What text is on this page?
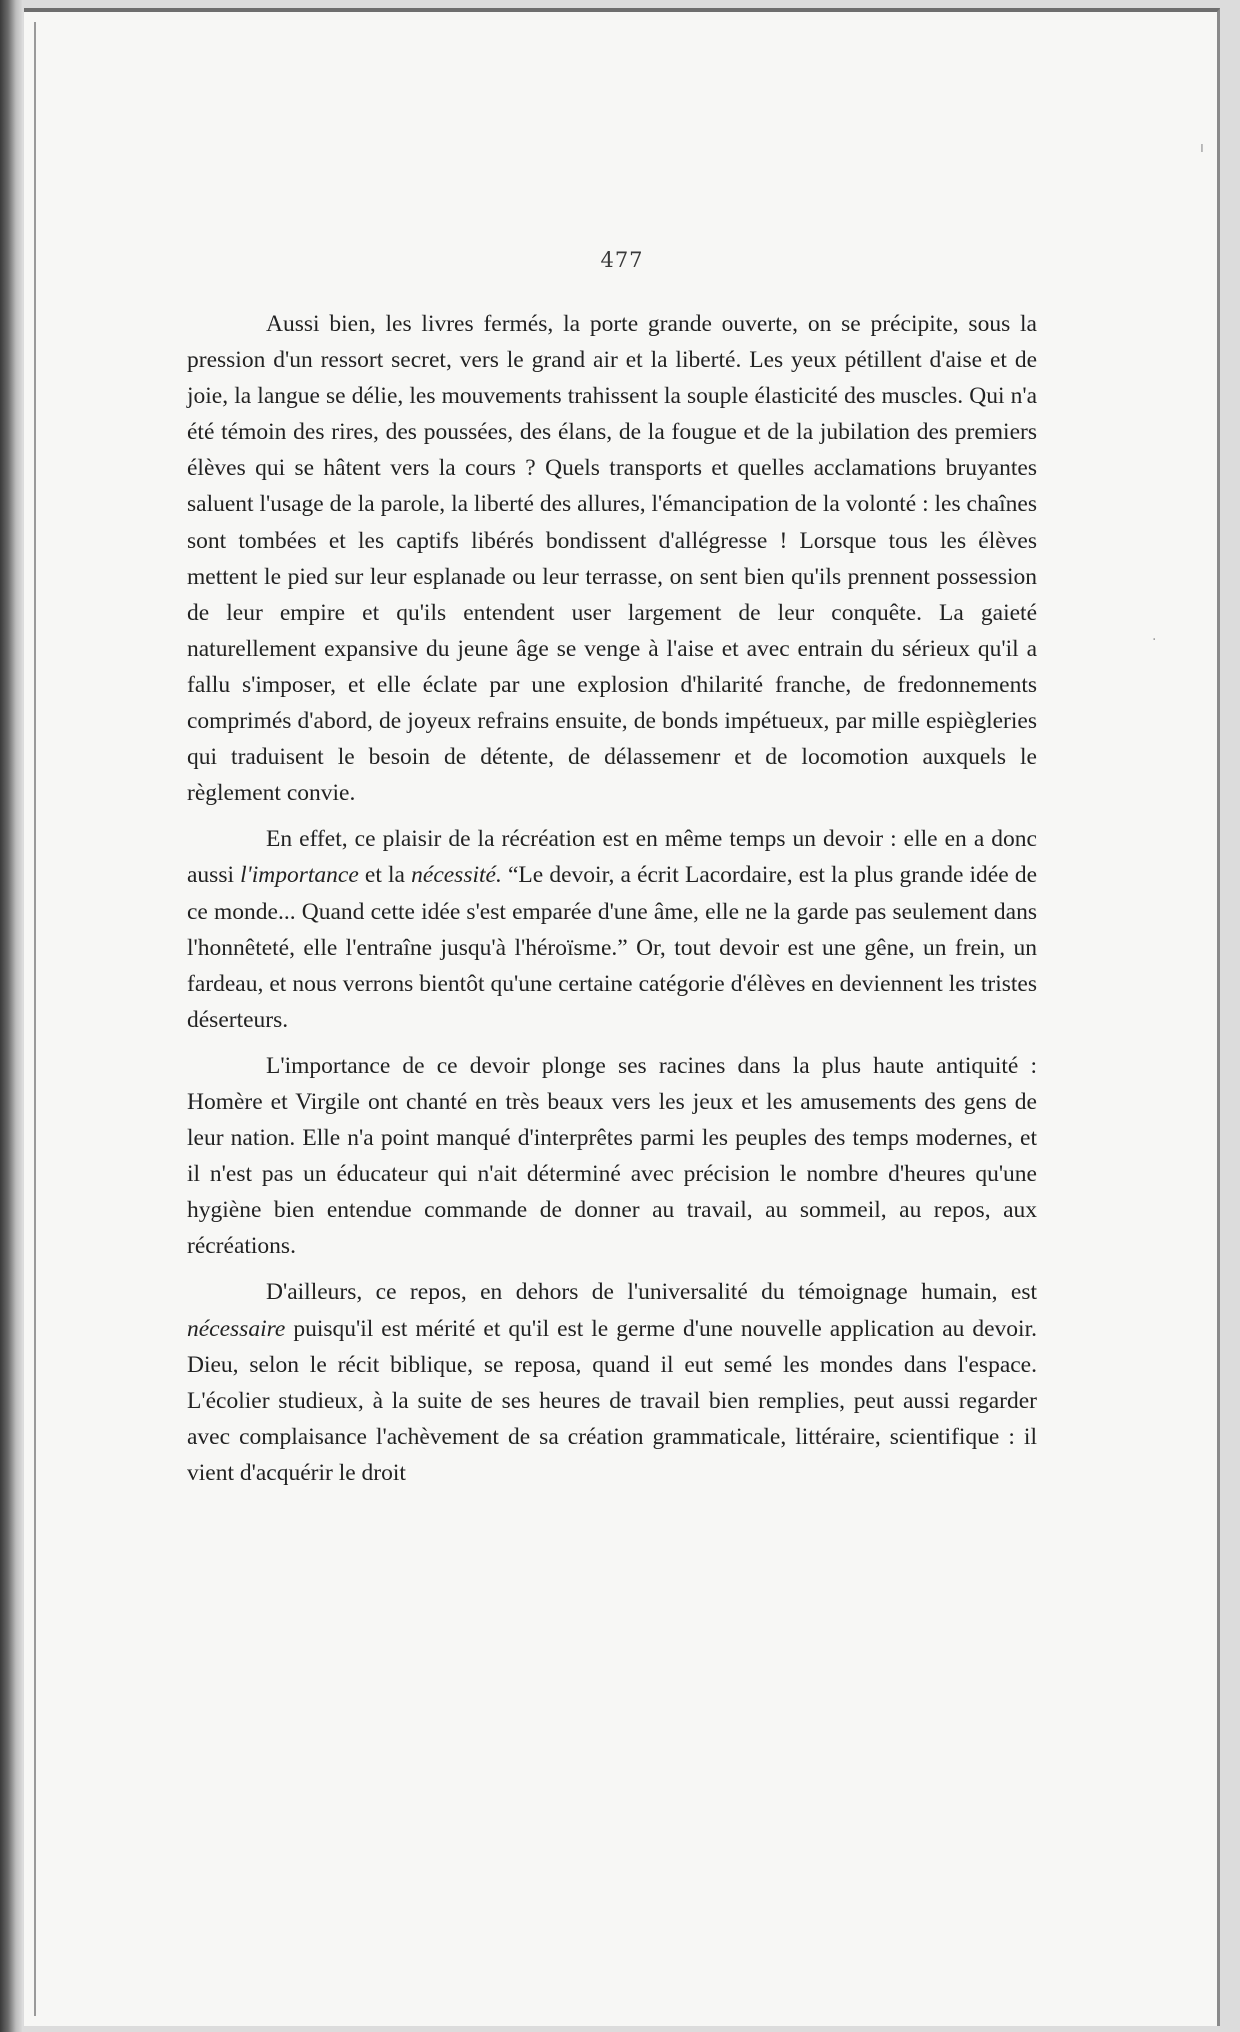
477

Aussi bien, les livres fermés, la porte grande ouverte, on se précipite, sous la pression d'un ressort secret, vers le grand air et la liberté. Les yeux pétillent d'aise et de joie, la langue se délie, les mouvements trahissent la souple élasticité des muscles. Qui n'a été témoin des rires, des poussées, des élans, de la fougue et de la jubilation des premiers élèves qui se hâtent vers la cours ? Quels transports et quelles acclamations bruyantes saluent l'usage de la parole, la liberté des allures, l'émancipation de la volonté : les chaînes sont tombées et les captifs libérés bondissent d'allégresse ! Lorsque tous les élèves mettent le pied sur leur esplanade ou leur terrasse, on sent bien qu'ils prennent possession de leur empire et qu'ils entendent user largement de leur conquête. La gaieté naturellement expansive du jeune âge se venge à l'aise et avec entrain du sérieux qu'il a fallu s'imposer, et elle éclate par une explosion d'hilarité franche, de fredonnements comprimés d'abord, de joyeux refrains ensuite, de bonds impétueux, par mille espiègleries qui traduisent le besoin de détente, de délassemenr et de locomotion auxquels le règlement convie.

En effet, ce plaisir de la récréation est en même temps un devoir : elle en a donc aussi l'importance et la nécessité. “Le devoir, a écrit Lacordaire, est la plus grande idée de ce monde... Quand cette idée s'est emparée d'une âme, elle ne la garde pas seulement dans l'honnêteté, elle l'entraîne jusqu'à l'héroïsme.” Or, tout devoir est une gêne, un frein, un fardeau, et nous verrons bientôt qu'une certaine catégorie d'élèves en deviennent les tristes déserteurs.

L'importance de ce devoir plonge ses racines dans la plus haute antiquité : Homère et Virgile ont chanté en très beaux vers les jeux et les amusements des gens de leur nation. Elle n'a point manqué d'interprêtes parmi les peuples des temps modernes, et il n'est pas un éducateur qui n'ait déterminé avec précision le nombre d'heures qu'une hygiène bien entendue commande de donner au travail, au sommeil, au repos, aux récréations.

D'ailleurs, ce repos, en dehors de l'universalité du témoignage humain, est nécessaire puisqu'il est mérité et qu'il est le germe d'une nouvelle application au devoir. Dieu, selon le récit biblique, se reposa, quand il eut semé les mondes dans l'espace. L'écolier studieux, à la suite de ses heures de travail bien remplies, peut aussi regarder avec complaisance l'achèvement de sa création grammaticale, littéraire, scientifique : il vient d'acquérir le droit

ı
·
